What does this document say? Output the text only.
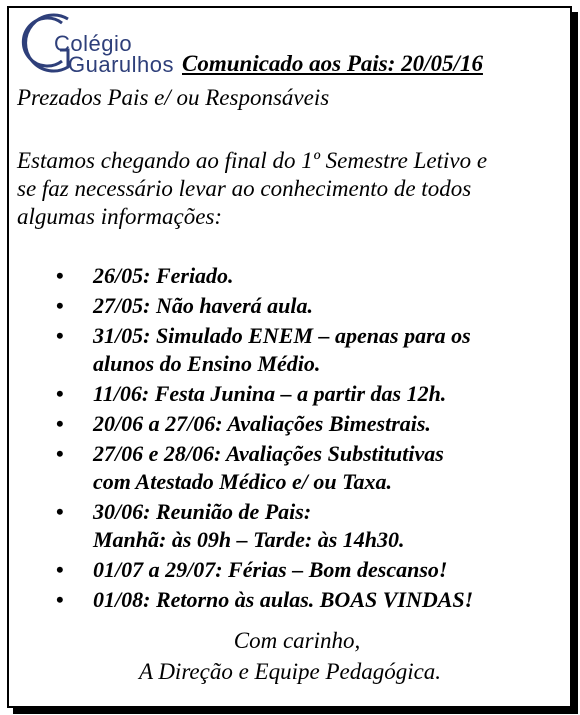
Colégio
Guarulhos Comunicado aos Pais: 20/05/16
Prezados Pais e/ ou Responsáveis
Estamos chegando ao final do 1º Semestre Letivo e
se faz necessário levar ao conhecimento de todos
algumas informações:
• 26/05: Feriado.
• 27/05: Não haverá aula.
• 31/05: Simulado ENEM – apenas para os
alunos do Ensino Médio.
• 11/06: Festa Junina – a partir das 12h.
• 20/06 a 27/06: Avaliações Bimestrais.
• 27/06 e 28/06: Avaliações Substitutivas
com Atestado Médico e/ ou Taxa.
• 30/06: Reunião de Pais:
Manhã: às 09h – Tarde: às 14h30.
• 01/07 a 29/07: Férias – Bom descanso!
• 01/08: Retorno às aulas. BOAS VINDAS!
Com carinho,
A Direção e Equipe Pedagógica.
